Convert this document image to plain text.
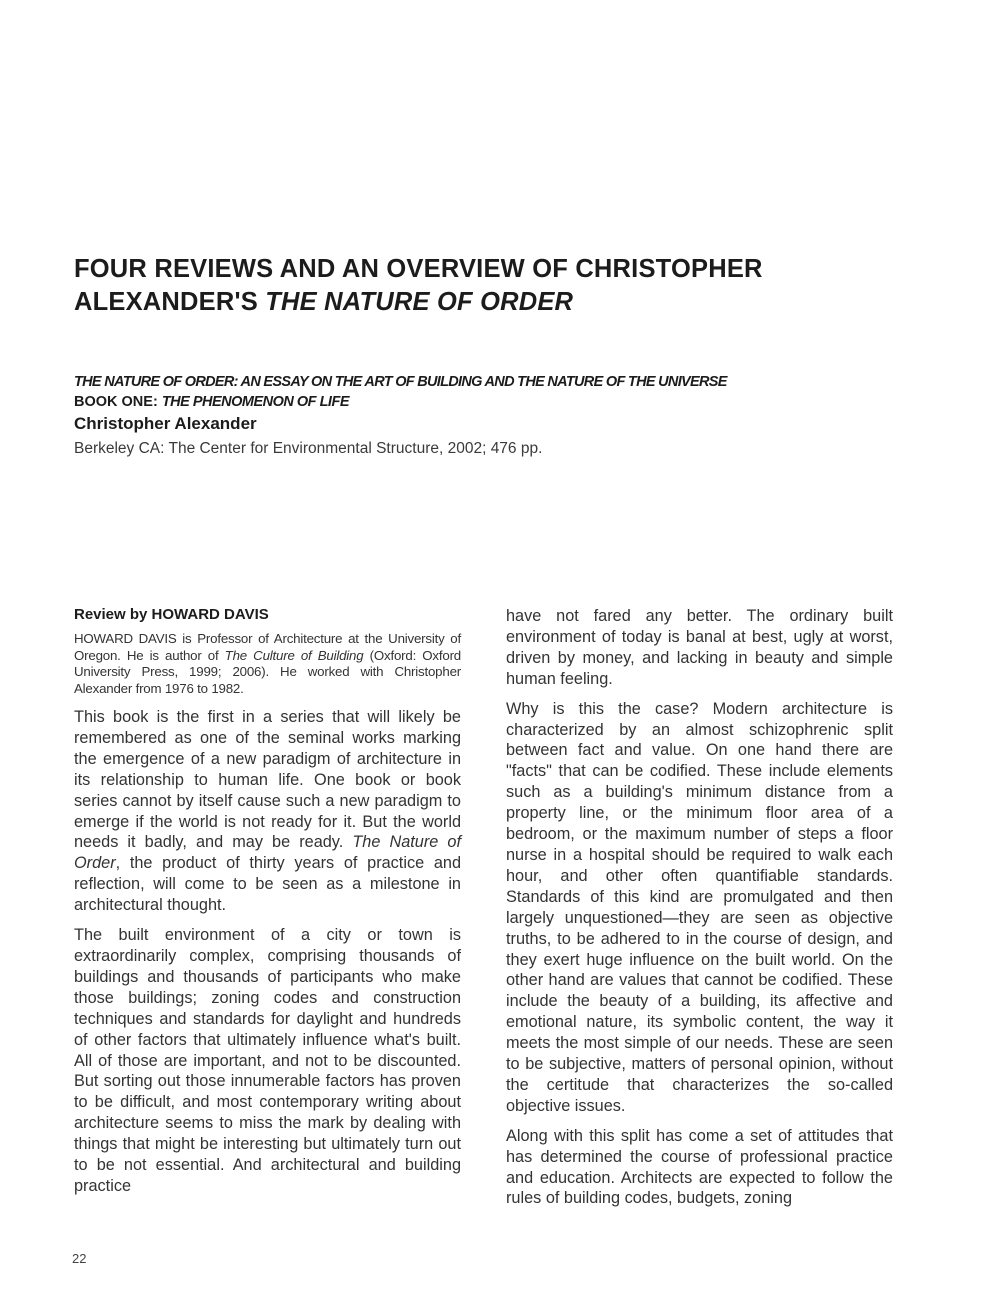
FOUR REVIEWS AND AN OVERVIEW OF CHRISTOPHER
ALEXANDER'S THE NATURE OF ORDER
THE NATURE OF ORDER: AN ESSAY ON THE ART OF BUILDING AND THE NATURE OF THE UNIVERSE
BOOK ONE: THE PHENOMENON OF LIFE
Christopher Alexander
Berkeley CA: The Center for Environmental Structure, 2002; 476 pp.
Review by HOWARD DAVIS

HOWARD DAVIS is Professor of Architecture at the University of Oregon. He is author of The Culture of Building (Oxford: Oxford University Press, 1999; 2006). He worked with Christopher Alexander from 1976 to 1982.

This book is the first in a series that will likely be remembered as one of the seminal works marking the emergence of a new paradigm of architecture in its relationship to human life. One book or book series cannot by itself cause such a new paradigm to emerge if the world is not ready for it. But the world needs it badly, and may be ready. The Nature of Order, the product of thirty years of practice and reflection, will come to be seen as a milestone in architectural thought.

The built environment of a city or town is extraordinarily complex, comprising thousands of buildings and thousands of participants who make those buildings; zoning codes and construction techniques and standards for daylight and hundreds of other factors that ultimately influence what's built. All of those are important, and not to be discounted. But sorting out those innumerable factors has proven to be difficult, and most contemporary writing about architecture seems to miss the mark by dealing with things that might be interesting but ultimately turn out to be not essential. And architectural and building practice

have not fared any better. The ordinary built environment of today is banal at best, ugly at worst, driven by money, and lacking in beauty and simple human feeling.

Why is this the case? Modern architecture is characterized by an almost schizophrenic split between fact and value. On one hand there are "facts" that can be codified. These include elements such as a building's minimum distance from a property line, or the minimum floor area of a bedroom, or the maximum number of steps a floor nurse in a hospital should be required to walk each hour, and other often quantifiable standards. Standards of this kind are promulgated and then largely unquestioned—they are seen as objective truths, to be adhered to in the course of design, and they exert huge influence on the built world. On the other hand are values that cannot be codified. These include the beauty of a building, its affective and emotional nature, its symbolic content, the way it meets the most simple of our needs. These are seen to be subjective, matters of personal opinion, without the certitude that characterizes the so-called objective issues.

Along with this split has come a set of attitudes that has determined the course of professional practice and education. Architects are expected to follow the rules of building codes, budgets, zoning

22
